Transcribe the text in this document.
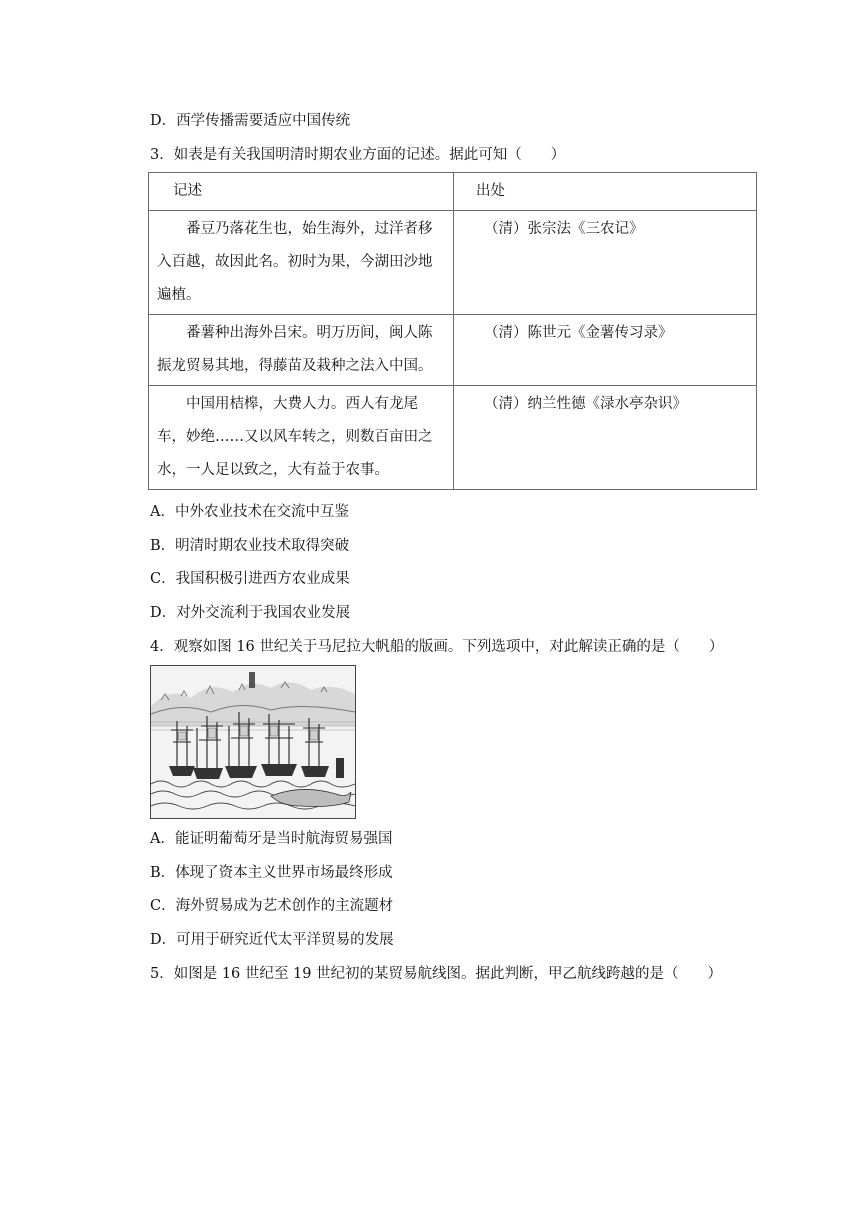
D．西学传播需要适应中国传统
3．如表是有关我国明清时期农业方面的记述。据此可知（　　）
记述	出处
番豆乃落花生也，始生海外，过洋者移入百越，故因此名。初时为果，今湖田沙地遍植。	（清）张宗法《三农记》
番薯种出海外吕宋。明万历间，闽人陈振龙贸易其地，得藤苗及栽种之法入中国。	（清）陈世元《金薯传习录》
中国用桔槔，大费人力。西人有龙尾车，妙绝……又以风车转之，则数百亩田之水，一人足以致之，大有益于农事。	（清）纳兰性德《渌水亭杂识》
A．中外农业技术在交流中互鉴
B．明清时期农业技术取得突破
C．我国积极引进西方农业成果
D．对外交流利于我国农业发展
4．观察如图 16 世纪关于马尼拉大帆船的版画。下列选项中，对此解读正确的是（　　）
A．能证明葡萄牙是当时航海贸易强国
B．体现了资本主义世界市场最终形成
C．海外贸易成为艺术创作的主流题材
D．可用于研究近代太平洋贸易的发展
5．如图是 16 世纪至 19 世纪初的某贸易航线图。据此判断，甲乙航线跨越的是（　　）
